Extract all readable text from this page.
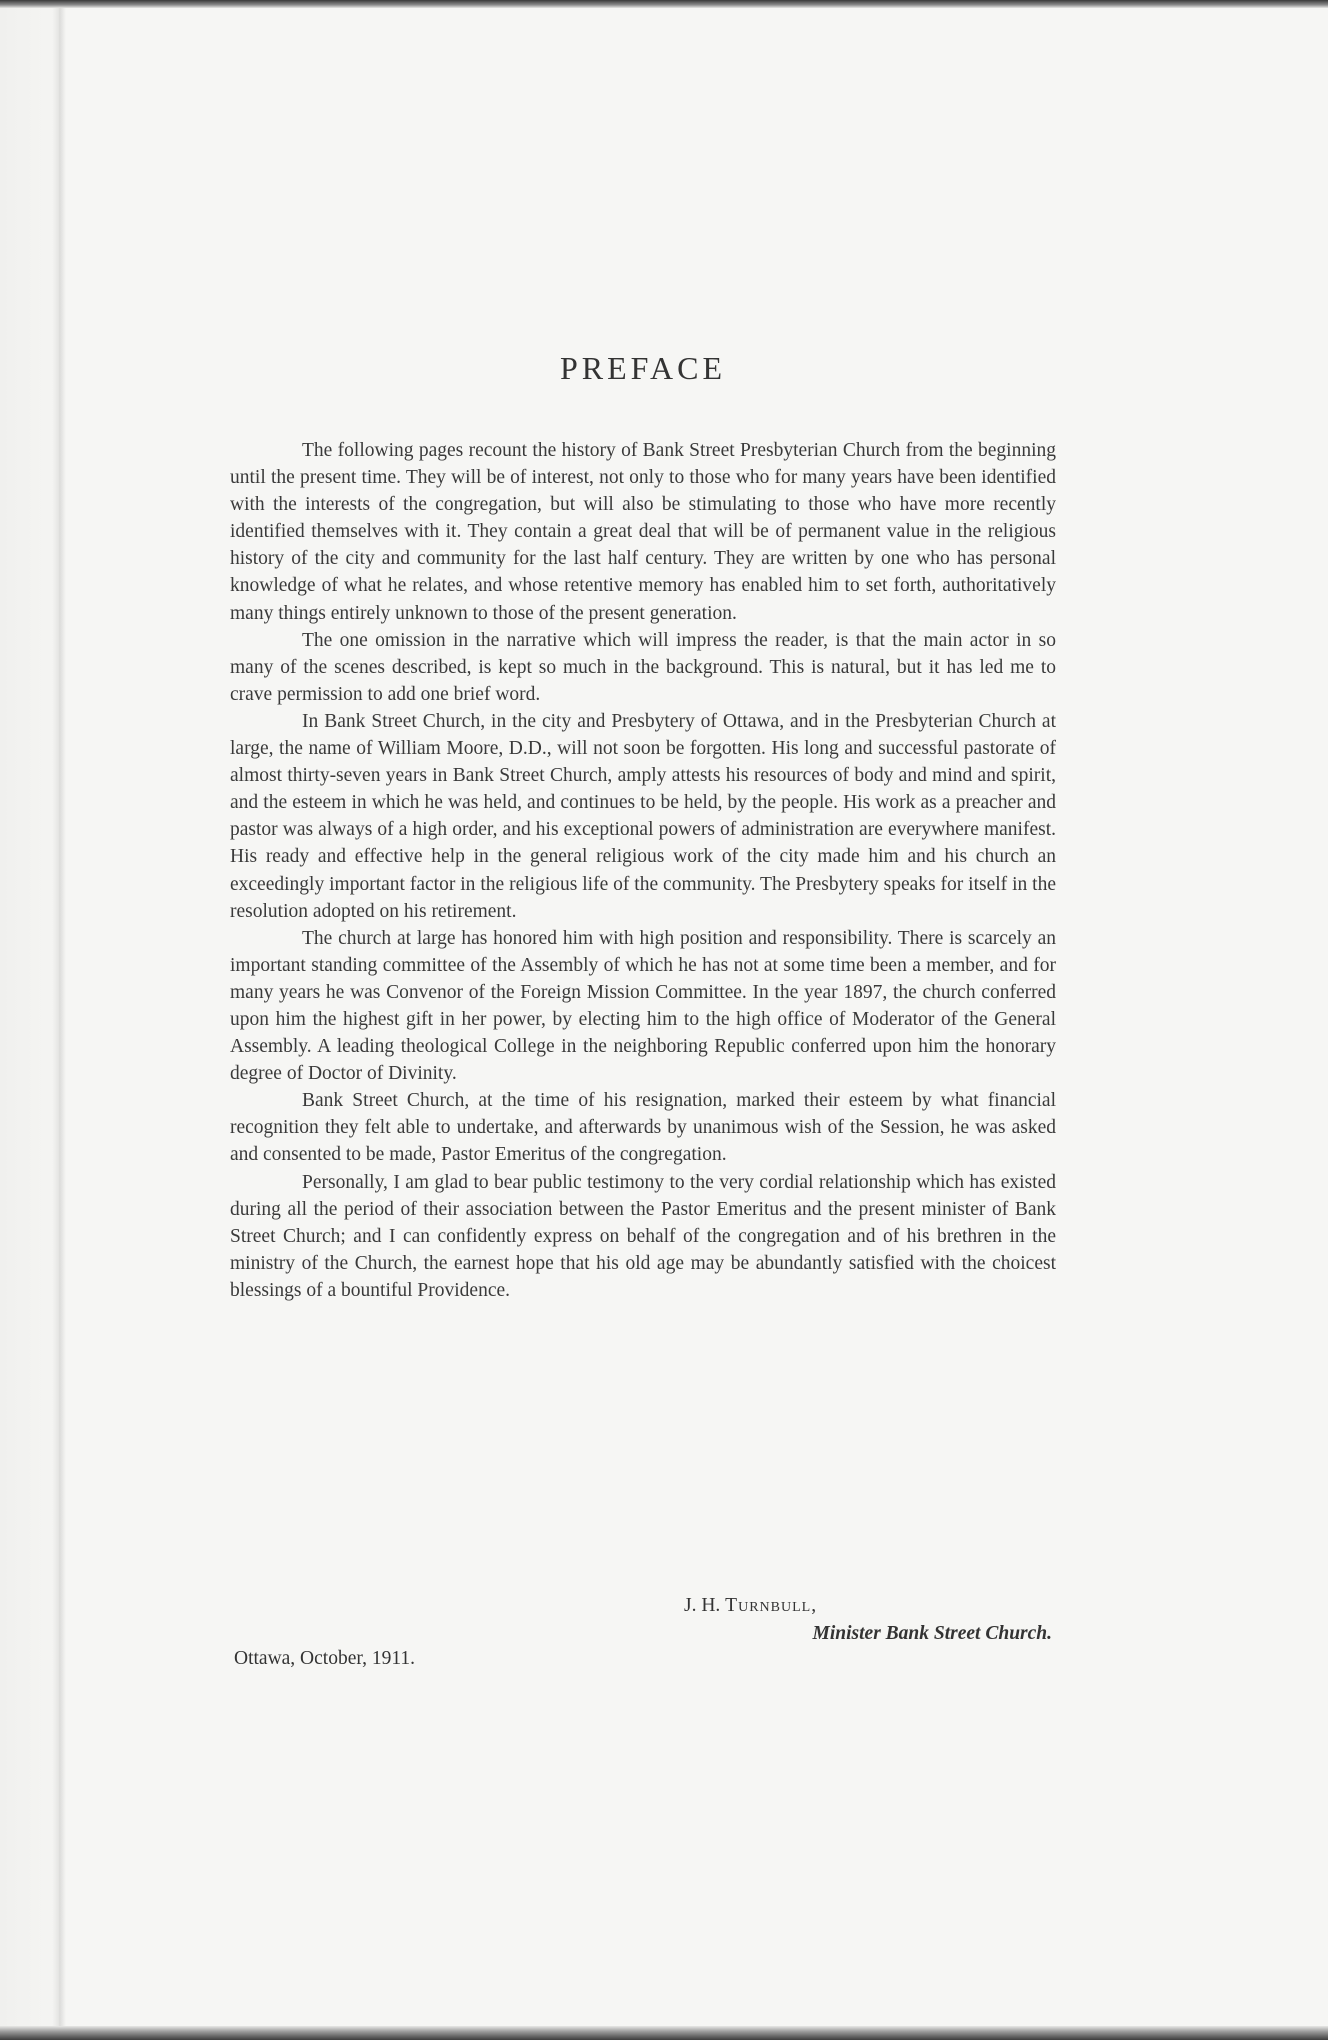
PREFACE

The following pages recount the history of Bank Street Presbyterian Church from the beginning until the present time. They will be of interest, not only to those who for many years have been identified with the interests of the congregation, but will also be stimulating to those who have more recently identified themselves with it. They contain a great deal that will be of permanent value in the religious history of the city and community for the last half century. They are written by one who has personal knowledge of what he relates, and whose retentive memory has enabled him to set forth, authoritatively many things entirely unknown to those of the present generation.

The one omission in the narrative which will impress the reader, is that the main actor in so many of the scenes described, is kept so much in the background. This is natural, but it has led me to crave permission to add one brief word.

In Bank Street Church, in the city and Presbytery of Ottawa, and in the Presbyterian Church at large, the name of William Moore, D.D., will not soon be forgotten. His long and successful pastorate of almost thirty-seven years in Bank Street Church, amply attests his resources of body and mind and spirit, and the esteem in which he was held, and continues to be held, by the people. His work as a preacher and pastor was always of a high order, and his exceptional powers of administration are everywhere manifest. His ready and effective help in the general religious work of the city made him and his church an exceedingly important factor in the religious life of the community. The Presbytery speaks for itself in the resolution adopted on his retirement.

The church at large has honored him with high position and responsibility. There is scarcely an important standing committee of the Assembly of which he has not at some time been a member, and for many years he was Convenor of the Foreign Mission Committee. In the year 1897, the church conferred upon him the highest gift in her power, by electing him to the high office of Moderator of the General Assembly. A leading theological College in the neighboring Republic conferred upon him the honorary degree of Doctor of Divinity.

Bank Street Church, at the time of his resignation, marked their esteem by what financial recognition they felt able to undertake, and afterwards by unanimous wish of the Session, he was asked and consented to be made, Pastor Emeritus of the congregation.

Personally, I am glad to bear public testimony to the very cordial relationship which has existed during all the period of their association between the Pastor Emeritus and the present minister of Bank Street Church; and I can confidently express on behalf of the congregation and of his brethren in the ministry of the Church, the earnest hope that his old age may be abundantly satisfied with the choicest blessings of a bountiful Providence.

J. H. Turnbull,
Minister Bank Street Church.
Ottawa, October, 1911.
